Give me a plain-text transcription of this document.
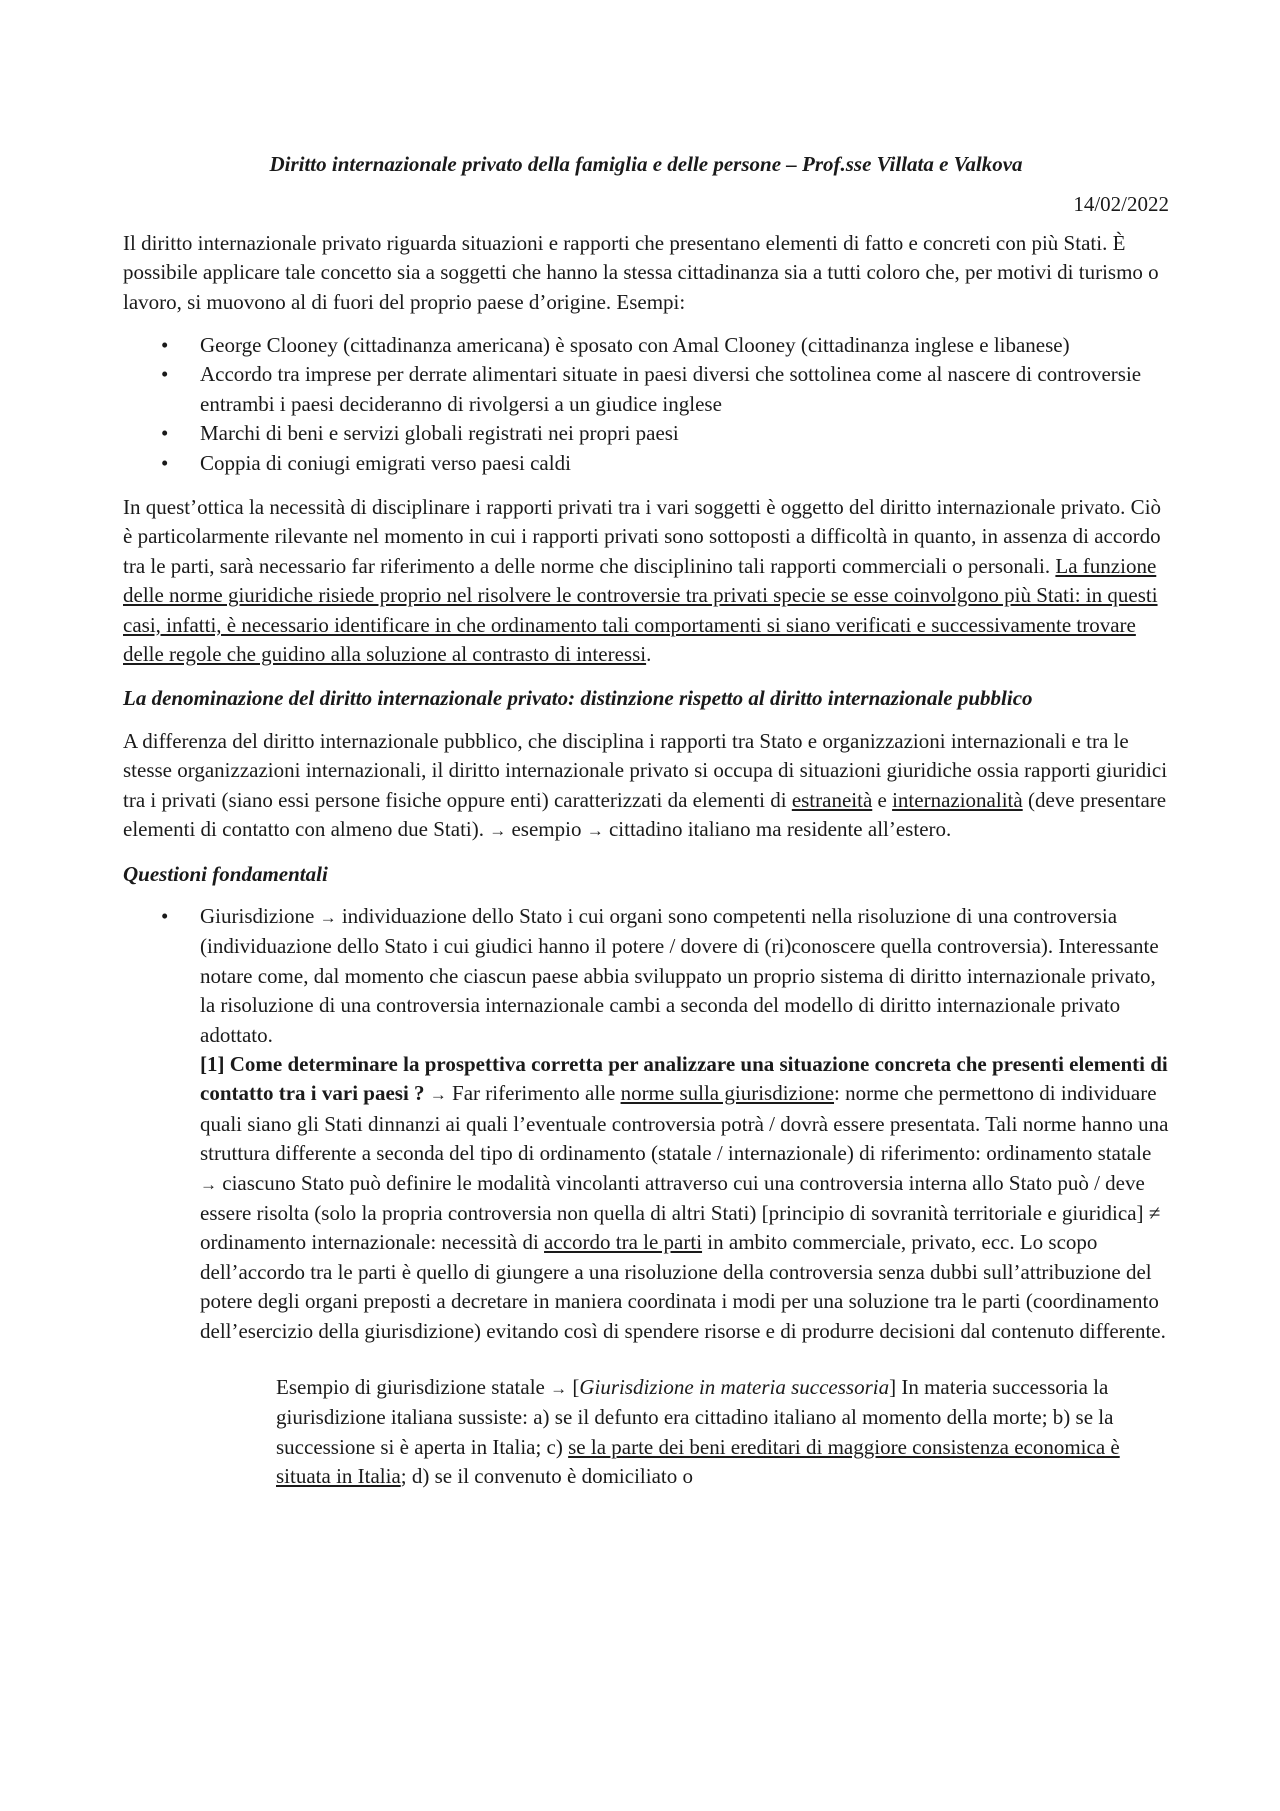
Diritto internazionale privato della famiglia e delle persone – Prof.sse Villata e Valkova

14/02/2022

Il diritto internazionale privato riguarda situazioni e rapporti che presentano elementi di fatto e concreti con più Stati. È possibile applicare tale concetto sia a soggetti che hanno la stessa cittadinanza sia a tutti coloro che, per motivi di turismo o lavoro, si muovono al di fuori del proprio paese d’origine. Esempi:

• George Clooney (cittadinanza americana) è sposato con Amal Clooney (cittadinanza inglese e libanese)
• Accordo tra imprese per derrate alimentari situate in paesi diversi che sottolinea come al nascere di controversie entrambi i paesi decideranno di rivolgersi a un giudice inglese
• Marchi di beni e servizi globali registrati nei propri paesi
• Coppia di coniugi emigrati verso paesi caldi

In quest’ottica la necessità di disciplinare i rapporti privati tra i vari soggetti è oggetto del diritto internazionale privato. Ciò è particolarmente rilevante nel momento in cui i rapporti privati sono sottoposti a difficoltà in quanto, in assenza di accordo tra le parti, sarà necessario far riferimento a delle norme che disciplinino tali rapporti commerciali o personali. La funzione delle norme giuridiche risiede proprio nel risolvere le controversie tra privati specie se esse coinvolgono più Stati: in questi casi, infatti, è necessario identificare in che ordinamento tali comportamenti si siano verificati e successivamente trovare delle regole che guidino alla soluzione al contrasto di interessi.

La denominazione del diritto internazionale privato: distinzione rispetto al diritto internazionale pubblico

A differenza del diritto internazionale pubblico, che disciplina i rapporti tra Stato e organizzazioni internazionali e tra le stesse organizzazioni internazionali, il diritto internazionale privato si occupa di situazioni giuridiche ossia rapporti giuridici tra i privati (siano essi persone fisiche oppure enti) caratterizzati da elementi di estraneità e internazionalità (deve presentare elementi di contatto con almeno due Stati). → esempio → cittadino italiano ma residente all’estero.

Questioni fondamentali

• Giurisdizione → individuazione dello Stato i cui organi sono competenti nella risoluzione di una controversia (individuazione dello Stato i cui giudici hanno il potere / dovere di (ri)conoscere quella controversia). Interessante notare come, dal momento che ciascun paese abbia sviluppato un proprio sistema di diritto internazionale privato, la risoluzione di una controversia internazionale cambi a seconda del modello di diritto internazionale privato adottato.
[1] Come determinare la prospettiva corretta per analizzare una situazione concreta che presenti elementi di contatto tra i vari paesi ? → Far riferimento alle norme sulla giurisdizione: norme che permettono di individuare quali siano gli Stati dinnanzi ai quali l’eventuale controversia potrà / dovrà essere presentata. Tali norme hanno una struttura differente a seconda del tipo di ordinamento (statale / internazionale) di riferimento: ordinamento statale → ciascuno Stato può definire le modalità vincolanti attraverso cui una controversia interna allo Stato può / deve essere risolta (solo la propria controversia non quella di altri Stati) [principio di sovranità territoriale e giuridica] ≠ ordinamento internazionale: necessità di accordo tra le parti in ambito commerciale, privato, ecc. Lo scopo dell’accordo tra le parti è quello di giungere a una risoluzione della controversia senza dubbi sull’attribuzione del potere degli organi preposti a decretare in maniera coordinata i modi per una soluzione tra le parti (coordinamento dell’esercizio della giurisdizione) evitando così di spendere risorse e di produrre decisioni dal contenuto differente.

Esempio di giurisdizione statale → [Giurisdizione in materia successoria] In materia successoria la giurisdizione italiana sussiste: a) se il defunto era cittadino italiano al momento della morte; b) se la successione si è aperta in Italia; c) se la parte dei beni ereditari di maggiore consistenza economica è situata in Italia; d) se il convenuto è domiciliato o
